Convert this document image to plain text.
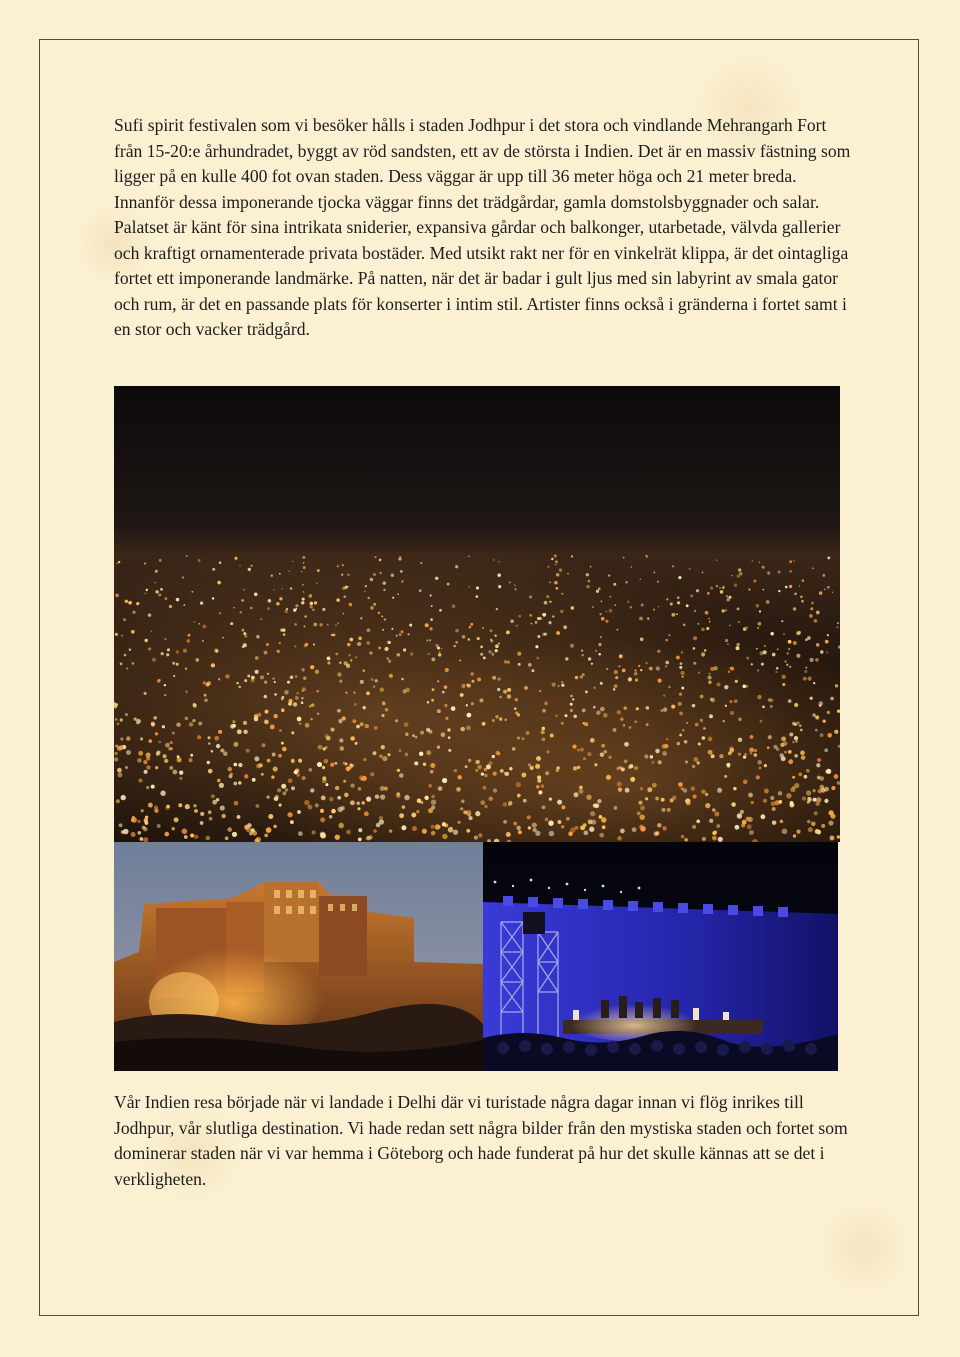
Sufi spirit festivalen som vi besöker hålls i staden Jodhpur i det stora och vindlande Mehrangarh Fort från 15-20:e århundradet, byggt av röd sandsten, ett av de största i Indien. Det är en massiv fästning som ligger på en kulle 400 fot ovan staden. Dess väggar är upp till 36 meter höga och 21 meter breda. Innanför dessa imponerande tjocka väggar finns det trädgårdar, gamla domstolsbyggnader och salar. Palatset är känt för sina intrikata sniderier, expansiva gårdar och balkonger, utarbetade, välvda gallerier och kraftigt ornamenterade privata bostäder. Med utsikt rakt ner för en vinkelrät klippa, är det ointagliga fortet ett imponerande landmärke. På natten, när det är badar i gult ljus med sin labyrint av smala gator och rum, är det en passande plats för konserter i intim stil. Artister finns också i gränderna i fortet samt i en stor och vacker trädgård.

Vår Indien resa började när vi landade i Delhi där vi turistade några dagar innan vi flög inrikes till Jodhpur, vår slutliga destination. Vi hade redan sett några bilder från den mystiska staden och fortet som dominerar staden när vi var hemma i Göteborg och hade funderat på hur det skulle kännas att se det i verkligheten.
